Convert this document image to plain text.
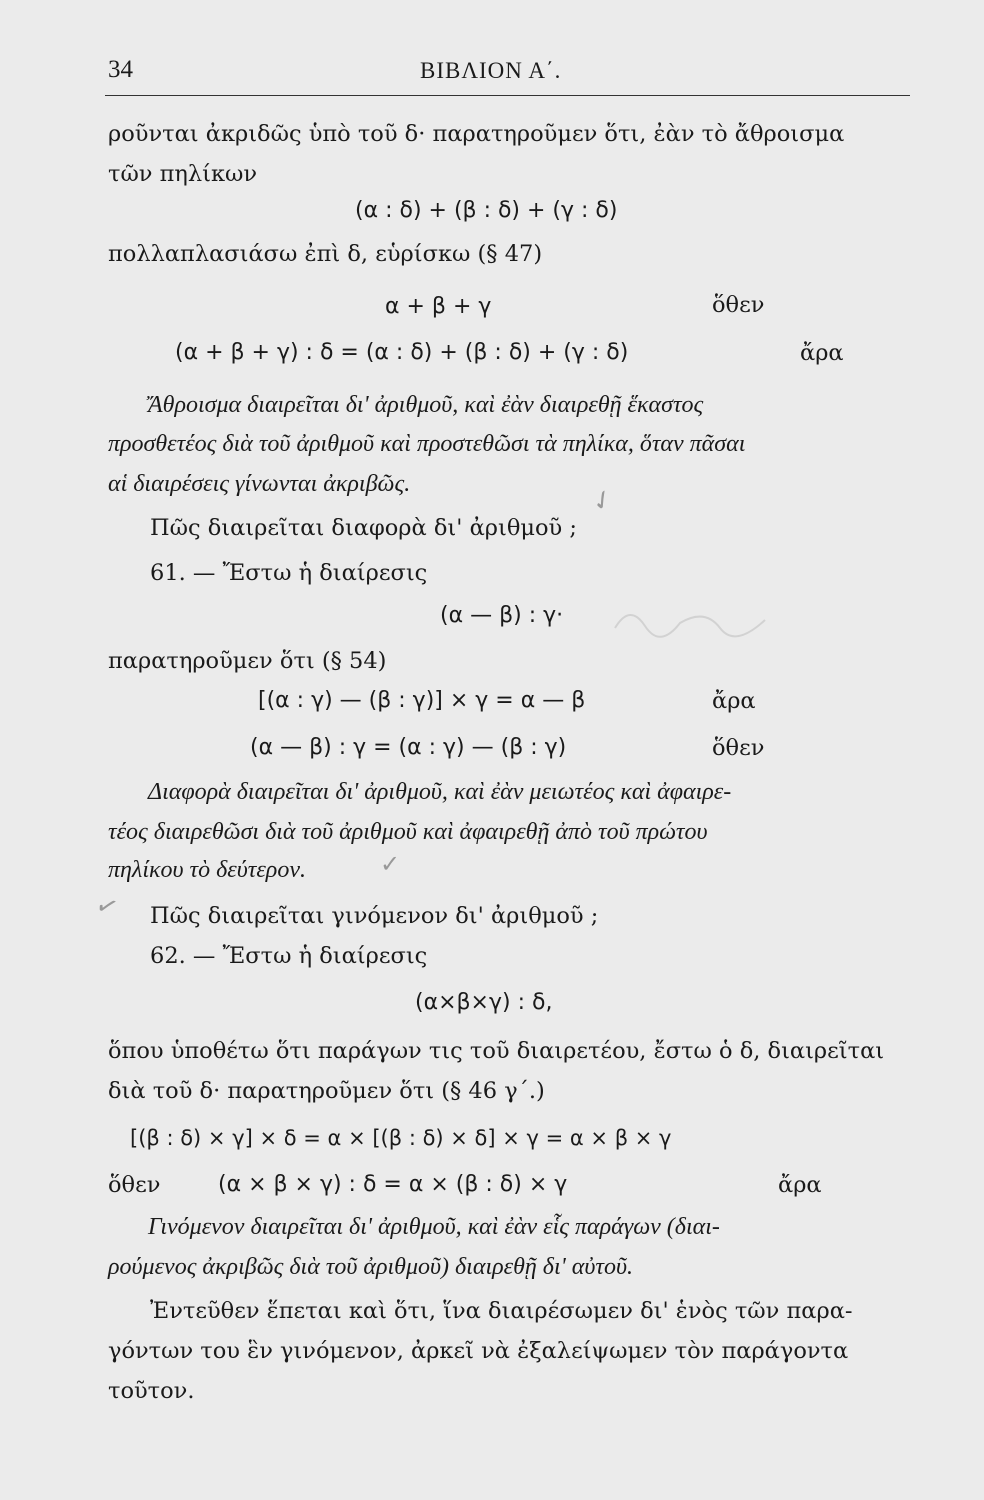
34	ΒΙΒΛΙΟΝ Α΄.
ροῦνται ἀκριδῶς ὑπὸ τοῦ δ· παρατηροῦμεν ὅτι, ἐὰν τὸ ἄθροισμα
τῶν πηλίκων
(α : δ) + (β : δ) + (γ : δ)
πολλαπλασιάσω ἐπὶ δ, εὑρίσκω (§ 47)
α + β + γ	ὅθεν
(α + β + γ) : δ = (α : δ) + (β : δ) + (γ : δ)	ἄρα
Ἄθροισμα διαιρεῖται δι' ἀριθμοῦ, καὶ ἐὰν διαιρεθῇ ἕκαστος
προσθετέος διὰ τοῦ ἀριθμοῦ καὶ προστεθῶσι τὰ πηλίκα, ὅταν πᾶσαι
αἱ διαιρέσεις γίνωνται ἀκριβῶς.
Πῶς διαιρεῖται διαφορὰ δι' ἀριθμοῦ ;
61. — Ἔστω ἡ διαίρεσις
(α — β) : γ·
παρατηροῦμεν ὅτι (§ 54)
[(α : γ) — (β : γ)] × γ = α — β	ἄρα
(α — β) : γ = (α : γ) — (β : γ)	ὅθεν
Διαφορὰ διαιρεῖται δι' ἀριθμοῦ, καὶ ἐὰν μειωτέος καὶ ἀφαιρε-
τέος διαιρεθῶσι διὰ τοῦ ἀριθμοῦ καὶ ἀφαιρεθῇ ἀπὸ τοῦ πρώτου
πηλίκου τὸ δεύτερον.
Πῶς διαιρεῖται γινόμενον δι' ἀριθμοῦ ;
62. — Ἔστω ἡ διαίρεσις
(α×β×γ) : δ,
ὅπου ὑποθέτω ὅτι παράγων τις τοῦ διαιρετέου, ἔστω ὁ δ, διαιρεῖται
διὰ τοῦ δ· παρατηροῦμεν ὅτι (§ 46 γ΄.)
[(β : δ) × γ] × δ = α × [(β : δ) × δ] × γ = α × β × γ
ὅθεν	(α × β × γ) : δ = α × (β : δ) × γ	ἄρα
Γινόμενον διαιρεῖται δι' ἀριθμοῦ, καὶ ἐὰν εἷς παράγων (διαι-
ρούμενος ἀκριβῶς διὰ τοῦ ἀριθμοῦ) διαιρεθῇ δι' αὐτοῦ.
Ἐντεῦθεν ἕπεται καὶ ὅτι, ἵνα διαιρέσωμεν δι' ἑνὸς τῶν παρα-
γόντων του ἓν γινόμενον, ἀρκεῖ νὰ ἐξαλείψωμεν τὸν παράγοντα
τοῦτον.
✓
✓
✓
